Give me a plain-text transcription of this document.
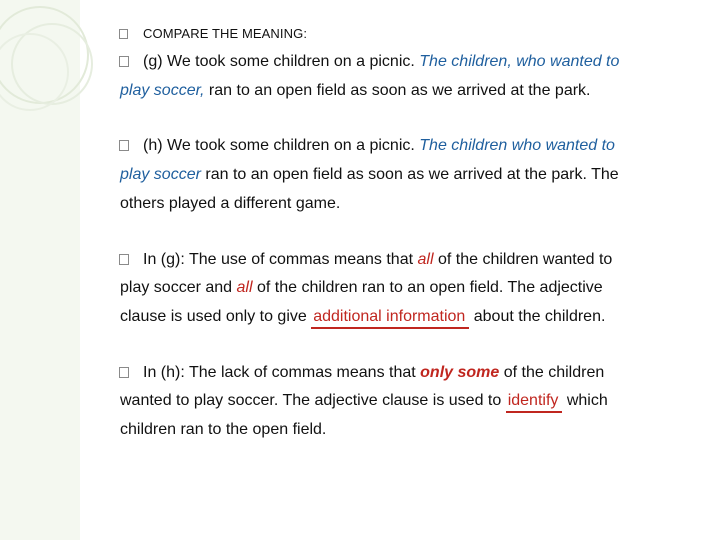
COMPARE THE MEANING:
(g) We took some children on a picnic. The children, who wanted to
play soccer, ran to an open field as soon as we arrived at the park.
(h) We took some children on a picnic. The children who wanted to
play soccer ran to an open field as soon as we arrived at the park. The
others played a different game.
In (g): The use of commas means that all of the children wanted to
play soccer and all of the children ran to an open field. The adjective
clause is used only to give additional information about the children.
In (h): The lack of commas means that only some of the children
wanted to play soccer. The adjective clause is used to identify which
children ran to the open field.
